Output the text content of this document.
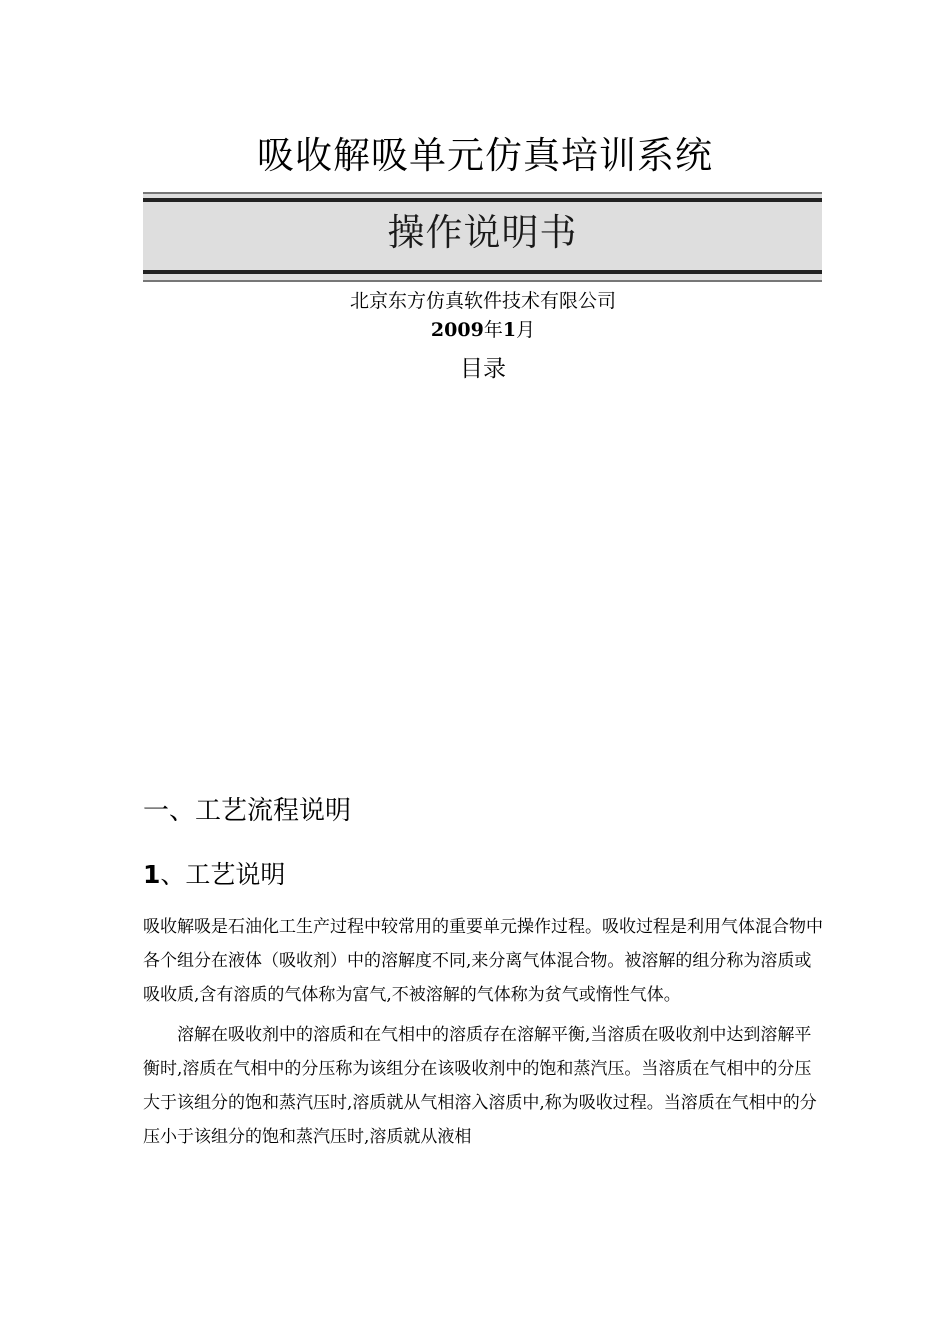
吸收解吸单元仿真培训系统
操作说明书
北京东方仿真软件技术有限公司
2009年1月
目录
一、工艺流程说明
1、工艺说明

吸收解吸是石油化工生产过程中较常用的重要单元操作过程。吸收过程是利用气体混合物中各个组分在液体（吸收剂）中的溶解度不同,来分离气体混合物。被溶解的组分称为溶质或吸收质,含有溶质的气体称为富气,不被溶解的气体称为贫气或惰性气体。

溶解在吸收剂中的溶质和在气相中的溶质存在溶解平衡,当溶质在吸收剂中达到溶解平衡时,溶质在气相中的分压称为该组分在该吸收剂中的饱和蒸汽压。当溶质在气相中的分压大于该组分的饱和蒸汽压时,溶质就从气相溶入溶质中,称为吸收过程。当溶质在气相中的分压小于该组分的饱和蒸汽压时,溶质就从液相
